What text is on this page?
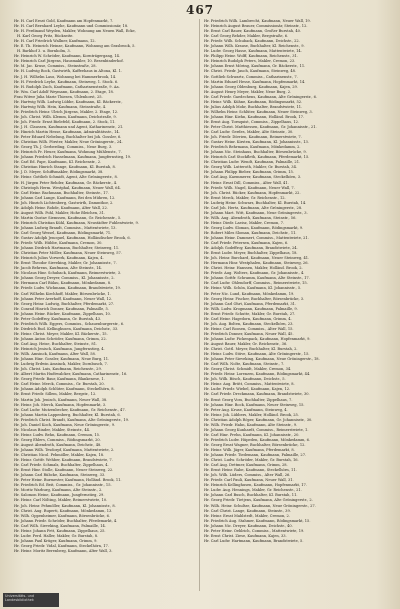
467
Hr. H. Carl Ernst Gold, Kaufmann am Hopfenmarkt, 7.
Hr. H. Carl Bernhard Leyhe, Kaufmann und Commissionär, 18.
Hr. H. Ferdinand Weyden, Makler, Wohnung am Neuen Wall, Ecke,
H. Karl Georg Pritz, Rückseite.
Hr. H. Carl Friedrich Wallner, Kaufmann, 12.
Hr. E. Th. Heinrich Heinze, Kaufmann, Wohnung am Grasbrook, 5.
H. Barkhof 3. u. Bornholm, 3.
Hr. Heinrich W. Schröder, Kaufmann, Kornträgergang, 14.
Hr. Heinrich Carl Jürgens, Hausmakler, 10. Besenbinderhof.
Hr. M. Jac. Kruse, Commiss., Steinstraße, 28.
Hr. H. Ludwig Bock, Gastwirth, Kaffeehaus in Altona, Kl. 1.
Hr. J. H. Wilhelm Laus, Wohnung bei Hammerbrook, 14.
Hr. H. Friedrich Leyhe, Kaufmann, Steinweg, 1. Stock. 6.
Hr. H. Rudolph Zuch, Kaufmann, Catharinenstraße, 9. Aa.
Hr. Wm. Carl Adolf Weymann, Kaufmann, 2. Etage, 18.
Frau Witwe Julia Marie Thiesen, Uhlenhorst, 25.
Hr. Hartwig Wilh. Ludwig Lübbe, Kaufmann, Kl. Bäckerstr.,
Hr. Hartwig Wilh. Hein, Kaufmann, Steinstraße, 4.
Hr. Friedrich Heinr. Ulrich Jürgens, Makler, 2. Etage, 12.
Hr. Joh. Christ. Wilh. Klemm, Kaufmann, Deichstraße, 9.
Hr. Joh. Friedr. Ernst Bielefeld, Kaufmann, 2. Stock, 11.
Hr. J. H. Claussen, Kaufmann und Agent, Katharinenstr., 21.
Hr. Hinrich Martin Hesse, Kaufmann, Admiralitätsstr., 14.
Hr. Peter Eduard Nebelung, Buchhalter bei Joh. Gossler, 6.
Hr. Christian Wilh. Förster, Makler, Neue Gröningerstr., 24.
Hr. Georg Th. J. Gerberding, Commiss., Neue Burg, 3.
Hr. Heinrich Fr. Heuer, Kaufmann, Wohnung Mühlenstr., 7.
Hr. Johann Friedrich Hasselmann, Kaufmann, Jungfernstieg, 19.
Hr. Carl Ed. Pape, Kaufmann, Kl. Reichenstr., 2.
Hr. Christian Hinrich Stange, Kaufmann, Kl. Burstah, 8.
Hr. J. D. Meyer, Schiffsmakler, Rödingsmarkt, 38.
Hr. Heinr. Gottlieb Schmidt, Agent, Alte Gröningerstr., 8.
Hr. H. Jürgen Peter Rehder, Kaufmann, Gr. Bäckerstr., 4.
Hr. Christoph Herm. Westphal, Kaufmann, Neuer Wall, 64.
Hr. Carl Heinr. Bachmann, Buchhalter, Steinstr., 17.
Hr. Johann Carl Lange, Kaufmann, Bei den Mühren, 12.
Hr. Joh. Hinrich Lichtenberg, Gastwirth, Dammthor, 2.
Hr. Adolph Heinr. Rohde, Kaufmann, Alter Wall, 22.
Hr. August Wilh. Pohl, Makler, Hohe Bleichen, 31.
Hr. Martin Gustav Siemssen, Kaufmann, Gr. Reichenstr., 5.
Hr. Heinrich Christian Kühl, Kaufmann, Neustädter Fuhlentwiete, 9.
Hr. Johann Ludwig Brandt, Commiss., Mattentwiete, 13.
Hr. Carl Georg Wessel, Kaufmann, Rödingsmarkt, 71.
Hr. Gustav Adolph Jencquel, Kaufmann, Holländischer Brook, 6.
Hr. Friedr. Wilh. Hübbe, Kaufmann, Cremon, 30.
Hr. Johann Diedrich Hartmann, Buchhalter, Steinweg, 11.
Hr. Christian Peter Möller, Kaufmann, Neuer Steinweg, 57.
Hr. Heinrich Julius Vorwerk, Kaufmann, Kajen, 4.
Hr. Ernst Theodor Sieveking, Makler, Gr. Johannisstr., 7.
Hr. Jacob Behrens, Kaufmann, Alte Steinstr., 14.
Hr. Nicolaus Hinr. Schuback, Kaufmann, Reimerstwiete, 3.
Hr. Johann Georg Dreyer, Commiss., Kl. Johannisstr., 2.
Hr. Hermann Carl Bülau, Kaufmann, Mönkedamm, 8.
Hr. Friedr. Ludw. Wichmann, Kaufmann, Brandstwiete, 19.
Hr. Carl Wilhelm Kirchhoff, Makler, Börsenbrücke, 1.
Hr. Johann Peter Averhoff, Kaufmann, Neuer Wall, 12.
Hr. Georg Heinr. Ludwig, Buchhalter, Pferdemarkt, 27.
Hr. Conrad Hinrich Donner, Kaufmann, Palmaille, 5.
Hr. Johann Heinr. Rücker, Kaufmann, Zippelhaus, 10.
Hr. Peter Godeffroy, Kaufmann, Gr. Burstah, 43.
Hr. Friedrich Wilh. Eggers, Commiss., Schauenburgerstr., 6.
Hr. Diedrich Rud. Kellinghusen, Kaufmann, Deichstr., 33.
Hr. Heinr. Christ. Meyer, Makler, Kl. Bäckerstr., 15.
Hr. Johann Anton Schröder, Kaufmann, Grimm, 22.
Hr. Carl Aug. Heise, Buchhalter, Steinstr., 81.
Hr. Heinrich Jenisch, Kaufmann, Jungfernstieg, 4.
Hr. Wilh. Amsinck, Kaufmann, Alter Wall, 58.
Hr. Johann Hinr. Gossler, Kaufmann, Neue Burg, 11.
Hr. Ludwig Erdwin Amsinck, Makler, Dornbusch, 7.
Hr. Joh. Christ. Luis, Kaufmann, Reichenstr., 29.
Hr. Albert Martin Hudtwalcker, Kaufmann, Catharinenstr., 16.
Hr. Georg Friedr. Baur, Kaufmann, Blankenese, 1.
Hr. Carl Heinr. Merck, Commiss., Gr. Burstah, 20.
Hr. Johann Adolph Schlüter, Kaufmann, Steckelhörn, 8.
Hr. Ernst Friedr. Sillem, Makler, Bergstr., 12.
Hr. Martin Joh. Jenisch, Kaufmann, Neuer Wall, 38.
Hr. Heinr. Joh. Merck, Kaufmann, Hopfenmarkt, 3.
Hr. Carl Ludw. Mutzenbecher, Kaufmann, Gr. Reichenstr., 47.
Hr. Johann Martin Lappenberg, Buchhalter, Kl. Burstah, 6.
Hr. Friedrich Christ. Brandt, Kaufmann, Alte Gröningerstr., 19.
Hr. Joh. Daniel Koch, Kaufmann, Neue Gröningerstr., 9.
Hr. Nicolaus Binder, Makler, Steinstr., 44.
Hr. Heinr. Ludw. Behn, Kaufmann, Cremon, 15.
Hr. Georg Ehlers, Commiss., Rödingsmarkt, 20.
Hr. August Abendroth, Kaufmann, Deichstr., 48.
Hr. Johann Wilh. Tesdorpf, Kaufmann, Mattentwiete, 2.
Hr. Christian Nicol. Pehmöller, Makler, Kajen, 18.
Hr. Heinr. Gottfr. Wehber, Kaufmann, Brandstwiete, 7.
Hr. Carl Friedr. Schmalz, Buchhalter, Zippelhaus, 4.
Hr. Ernst Hinr. Stolle, Kaufmann, Neuer Steinweg, 22.
Hr. Johann Carl Rübcke, Kaufmann, Steinweg, 33.
Hr. Peter Heinr. Burmester, Kaufmann, Holländ. Brook, 11.
Hr. Friedrich Ed. Beit, Commiss., Gr. Johannisstr., 15.
Hr. Moritz Warburg, Kaufmann, Alte Steinstr., 2.
Hr. Salomon Heine, Kaufmann, Jungfernstieg, 29.
Hr. Heinr. Carl Nölting, Makler, Reimerstwiete, 10.
Hr. Joh. Heinr. Pehmöller, Kaufmann, Kl. Johannisstr., 8.
Hr. Christ. Aug. Ruperti, Kaufmann, Mönkedamm, 13.
Hr. Wilh. Oppenheimer, Kaufmann, Börsenbrücke, 6.
Hr. Johann Friedr. Schröder, Buchhalter, Pferdemarkt, 4.
Hr. Carl Wilh. Sieveking, Kaufmann, Palmaille, 14.
Hr. Heinr. Johann Fett, Kaufmann, Zippelhaus, 25.
Hr. Ludw. Ferd. Haller, Makler, Gr. Burstah, 8.
Hr. Johann Paul Krüger, Kaufmann, Grimm, 9.
Hr. Georg Friedr. Vidal, Kaufmann, Steckelhörn, 17.
Hr. Heinr. Moritz Berenberg, Kaufmann, Alter Wall, 3.
Hr. Friedrich Wilh. Lambrecht, Kaufmann, Neuer Wall, 19.
Hr. Heinrich August Brauer, Commissionär, Steinstr., 12.
Hr. Ernst Carl Bauer, Kaufmann, Großer Burstah, 40.
Hr. Carl Georg Rehder, Makler, Bergstraße, 6.
Hr. Friedr. Wilh. Schuback, Kaufmann, Deichstr., 22.
Hr. Johann Wilh. Krause, Buchhalter, Kl. Reichenstr., 9.
Hr. Ludw. Georg Hasse, Kaufmann, Mattentwiete, 14.
Hr. Philipp Heinr. Wolff, Kaufmann, Reichenstr., 31.
Hr. Heinrich Rudolph Peters, Makler, Cremon, 23.
Hr. Johann Ernst Möring, Kaufmann, Gr. Bäckerstr., 11.
Hr. Christ. Friedr. Jauch, Kaufmann, Steinweg, 48.
Hr. Gottlieb Schwartz, Commiss., Catharinenstr., 7.
Hr. Martin Eduard Hesse, Kaufmann, Hopfenmarkt, 14.
Hr. Johann Georg Oldenburg, Kaufmann, Kajen, 29.
Hr. August Henry Meyer, Makler, Neue Burg, 2.
Hr. Carl Friedr. Gaedechens, Kaufmann, Alte Gröningerstr., 6.
Hr. Heinr. Wilh. Kühne, Kaufmann, Rödingsmarkt, 52.
Hr. Julius Adolph Mohr, Buchhalter, Brandstwiete, 11.
Hr. Wilhelm Heinr. Schlüter, Kaufmann, Neuer Steinweg, 3.
Hr. Johann Hinr. Kiehn, Kaufmann, Holländ. Brook, 17.
Hr. Ernst Aug. Tornquist, Commiss., Zippelhaus, 12.
Hr. Peter Christ. Matthiessen, Kaufmann, Gr. Johannisstr., 21.
Hr. Carl Ludw. Gerdes, Makler, Alte Steinstr., 30.
Hr. Joh. Friedr. Dörrien, Kaufmann, Reimerstwiete, 7.
Hr. Gustav Heinr. Kirsten, Kaufmann, Kl. Johannisstr., 13.
Hr. Friedrich Behrmann, Kaufmann, Mönkedamm, 2.
Hr. Johann Nic. Steinhaus, Buchhalter, Börsenbrücke, 9.
Hr. Heinrich Carl Stockfleth, Kaufmann, Pferdemarkt, 15.
Hr. Christian Ludw. Wendt, Kaufmann, Palmaille, 21.
Hr. Georg Wilh. Lutteroth, Makler, Gr. Burstah, 34.
Hr. Johann Philipp Bieber, Kaufmann, Grimm, 15.
Hr. Carl Aug. Kaemmerer, Kaufmann, Steckelhörn, 3.
Hr. Heinr. Ernst Dill, Commiss., Alter Wall, 41.
Hr. Friedr. Wilh. Nagel, Kaufmann, Neuer Wall, 7.
Hr. Joh. Christ. Rücker, Kaufmann, Hopfenmarkt, 22.
Hr. Ernst Merck, Makler, Gr. Reichenstr., 12.
Hr. Ludwig Heinr. Schwarz, Buchhalter, Kl. Burstah, 14.
Hr. Carl Joh. Hertz, Kaufmann, Alte Gröningerstr., 28.
Hr. Johann Mart. Witt, Kaufmann, Neue Gröningerstr., 3.
Hr. Wilh. Aug. Abendroth, Kaufmann, Steinstr., 56.
Hr. Heinr. Diedr. Laeisz, Makler, Cremon, 7.
Hr. Georg Ludw. Sloman, Kaufmann, Rödingsmarkt, 9.
Hr. Robert Miles Sloman, Kaufmann, Deichstr., 11.
Hr. Johann Heinr. Dammert, Commiss., Mattentwiete, 21.
Hr. Carl Friedr. Petersen, Kaufmann, Kajen, 6.
Hr. Adolph Godeffroy, Kaufmann, Brandstwiete, 24.
Hr. Ernst Ludw. Meyer, Buchhalter, Zippelhaus, 18.
Hr. Joh. Heinr. Burchard, Kaufmann, Neuer Steinweg, 41.
Hr. Hermann Hinr. Westphalen, Kaufmann, Steinweg, 26.
Hr. Christ. Heinr. Hanssen, Makler, Holländ. Brook, 2.
Hr. Friedr. Aug. Wolters, Kaufmann, Gr. Johannisstr., 4.
Hr. Johann Gottfr. Schramm, Kaufmann, Alte Steinstr., 17.
Hr. Carl Ludw. Ohlendorff, Commiss., Reimerstwiete, 15.
Hr. Heinr. Wilh. Schön, Kaufmann, Kl. Johannisstr., 5.
Hr. Peter Nic. Lund, Kaufmann, Mönkedamm, 19.
Hr. Georg Heinr. Fischer, Buchhalter, Börsenbrücke, 3.
Hr. Johann Carl Ohrt, Kaufmann, Pferdemarkt, 31.
Hr. Wilh. Ludw. Krogmann, Kaufmann, Palmaille, 9.
Hr. Ernst Friedr. Schutte, Makler, Gr. Burstah, 27.
Hr. Carl Heinr. Hagedorn, Kaufmann, Grimm, 4.
Hr. Joh. Aug. Bolten, Kaufmann, Steckelhörn, 23.
Hr. Heinr. Carl Roosen, Commiss., Alter Wall, 15.
Hr. Friedrich Donner, Kaufmann, Neuer Wall, 45.
Hr. Johann Ludw. Pickenpack, Kaufmann, Hopfenmarkt, 9.
Hr. August Bauer, Makler, Gr. Reichenstr., 36.
Hr. Christ. Gottl. Meyer, Buchhalter, Kl. Burstah, 2.
Hr. Heinr. Ludw. Stüve, Kaufmann, Alte Gröningerstr., 15.
Hr. Johann Peter Sieveking, Kaufmann, Neue Gröningerstr., 18.
Hr. Carl Wilh. Nolte, Kaufmann, Steinstr., 7.
Hr. Georg Christ. Schmidt, Makler, Cremon, 34.
Hr. Friedr. Heinr. Lorenzen, Kaufmann, Rödingsmarkt, 44.
Hr. Joh. Wilh. Bösch, Kaufmann, Deichstr., 5.
Hr. Heinr. Aug. Brütt, Commiss., Mattentwiete, 8.
Hr. Ludw. Friedr. Wiebel, Kaufmann, Kajen, 12.
Hr. Carl Friedr. Dreckmann, Kaufmann, Brandstwiete, 30.
Hr. Ernst Georg Voss, Buchhalter, Zippelhaus, 7.
Hr. Johann Hinr. Bock, Kaufmann, Neuer Steinweg, 15.
Hr. Peter Aug. Kruse, Kaufmann, Steinweg, 4.
Hr. Heinr. Joh. Lübbers, Makler, Holländ. Brook, 25.
Hr. Christian Adolph Röper, Kaufmann, Gr. Johannisstr., 30.
Hr. Wilh. Friedr. Hahn, Kaufmann, Alte Steinstr., 9.
Hr. Johann Georg Kunhardt, Commiss., Reimerstwiete, 1.
Hr. Carl Hinr. Prehn, Kaufmann, Kl. Johannisstr., 20.
Hr. Friedrich Ludw. Hüpeden, Kaufmann, Mönkedamm, 6.
Hr. Georg Ernst Wagner, Buchhalter, Börsenbrücke, 12.
Hr. Heinr. Wilh. Jäger, Kaufmann, Pferdemarkt, 8.
Hr. Johann Friedr. Tiedemann, Kaufmann, Palmaille, 27.
Hr. Christ. Ludw. Schröder, Makler, Gr. Burstah, 16.
Hr. Carl Aug. Dettmer, Kaufmann, Grimm, 28.
Hr. Ernst Heinr. Rabe, Kaufmann, Steckelhörn, 11.
Hr. Joh. Wilh. Lüders, Commiss., Alter Wall, 26.
Hr. Friedr. Carl Pauli, Kaufmann, Neuer Wall, 31.
Hr. Heinrich Kellinghusen, Kaufmann, Hopfenmarkt, 17.
Hr. Ludw. Aug. Hennings, Makler, Gr. Reichenstr., 21.
Hr. Johann Carl Busch, Buchhalter, Kl. Burstah, 11.
Hr. Georg Friedr. Tietjens, Kaufmann, Alte Gröningerstr., 2.
Hr. Wilh. Heinr. Schultze, Kaufmann, Neue Gröningerstr., 27.
Hr. Carl Christ. Lange, Kaufmann, Steinstr., 39.
Hr. Heinr. Ernst Mahlstedt, Makler, Cremon, 2.
Hr. Friedrich Aug. Stahmer, Kaufmann, Rödingsmarkt, 15.
Hr. Johann Nic. Dreyer, Kaufmann, Deichstr., 40.
Hr. Peter Heinr. Oehlrich, Commiss., Mattentwiete, 19.
Hr. Ernst Christ. Ziese, Kaufmann, Kajen, 33.
Hr. Carl Ludw. Hartmann, Kaufmann, Brandstwiete, 5.
Universitäts- und
Landesbibliothek
